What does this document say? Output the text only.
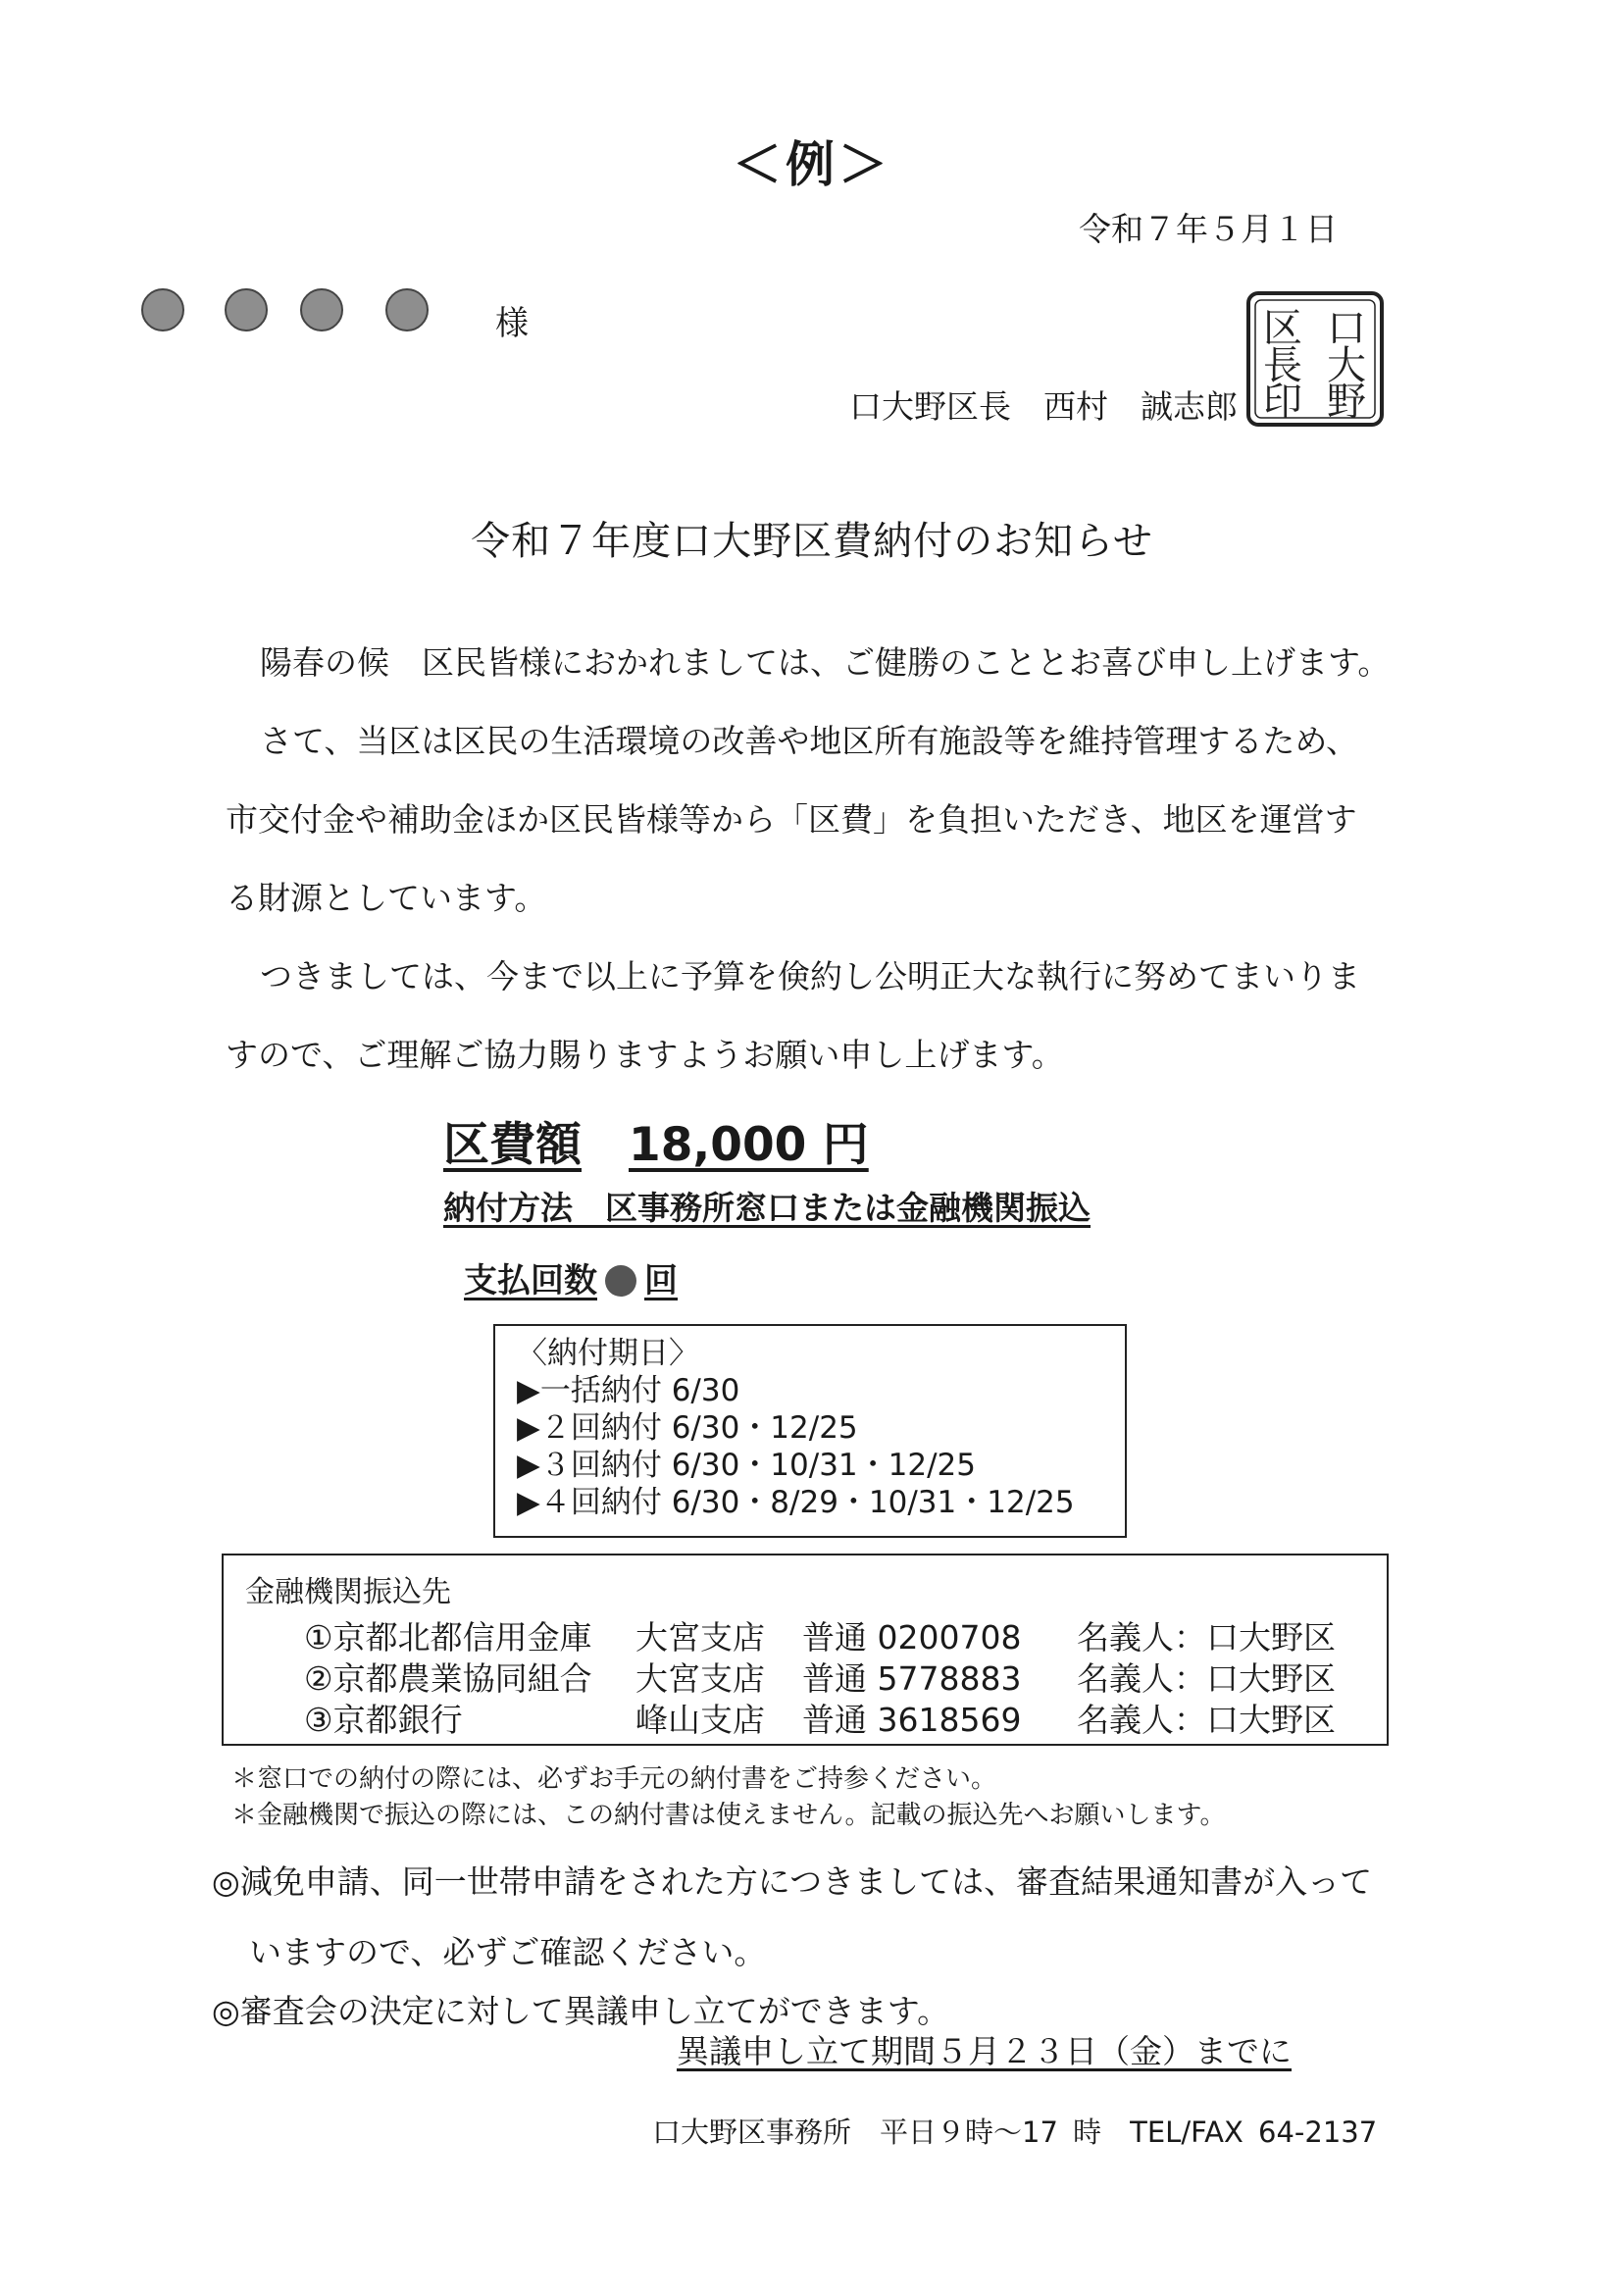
＜例＞
令和７年５月１日
様
口大野区長　西村　誠志郎
口
大
野
区
長
印
令和７年度口大野区費納付のお知らせ
陽春の候　区民皆様におかれましては、ご健勝のこととお喜び申し上げます。
さて、当区は区民の生活環境の改善や地区所有施設等を維持管理するため、
市交付金や補助金ほか区民皆様等から「区費」を負担いただき、地区を運営す
る財源としています。
つきましては、今まで以上に予算を倹約し公明正大な執行に努めてまいりま
すので、ご理解ご協力賜りますようお願い申し上げます。
区費額 18,000 円
納付方法　区事務所窓口または金融機関振込
支払回数 回
〈納付期日〉
▶一括納付 6/30
▶２回納付 6/30・12/25
▶３回納付 6/30・10/31・12/25
▶４回納付 6/30・8/29・10/31・12/25
金融機関振込先
①京都北都信用金庫 大宮支店 普通 0200708 名義人：口大野区
②京都農業協同組合 大宮支店 普通 5778883 名義人：口大野区
③京都銀行	峰山支店 普通 3618569 名義人：口大野区
＊窓口での納付の際には、必ずお手元の納付書をご持参ください。
＊金融機関で振込の際には、この納付書は使えません。記載の振込先へお願いします。
◎減免申請、同一世帯申請をされた方につきましては、審査結果通知書が入って
いますので、必ずご確認ください。
◎審査会の決定に対して異議申し立てができます。
異議申し立て期間５月２３日（金）までに
口大野区事務所　平日９時～17 時　TEL/FAX 64-2137
